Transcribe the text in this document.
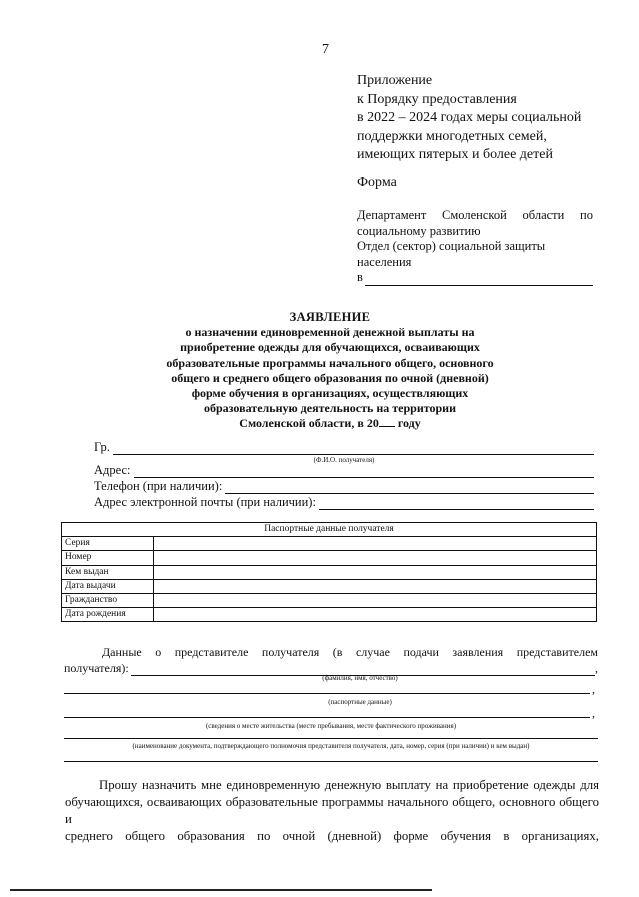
7
Приложение
к Порядку предоставления
в 2022 – 2024 годах меры социальной
поддержки многодетных семей,
имеющих пятерых и более детей
Форма
Департамент Смоленской области по
социальному развитию
Отдел (сектор) социальной защиты
населения
в
ЗАЯВЛЕНИЕ
о назначении единовременной денежной выплаты на
приобретение одежды для обучающихся, осваивающих
образовательные программы начального общего, основного
общего и среднего общего образования по очной (дневной)
форме обучения в организациях, осуществляющих
образовательную деятельность на территории
Смоленской области, в 20 году
Гр.
(Ф.И.О. получателя)
Адрес:
Телефон (при наличии):
Адрес электронной почты (при наличии):
Паспортные данные получателя	
Серия	
Номер	
Кем выдан	
Дата выдачи	
Гражданство	
Дата рождения	
Данные о представителе получателя (в случае подачи заявления представителем
получателя):	,
(фамилия, имя, отчество)
,
(паспортные данные)
,
(сведения о месте жительства (месте пребывания, месте фактического проживания)
(наименование документа, подтверждающего полномочия представителя получателя, дата, номер, серия (при наличии) и кем выдан)
Прошу назначить мне единовременную денежную выплату на приобретение одежды для
обучающихся, осваивающих образовательные программы начального общего, основного общего и
среднего общего образования по очной (дневной) форме обучения в организациях,
